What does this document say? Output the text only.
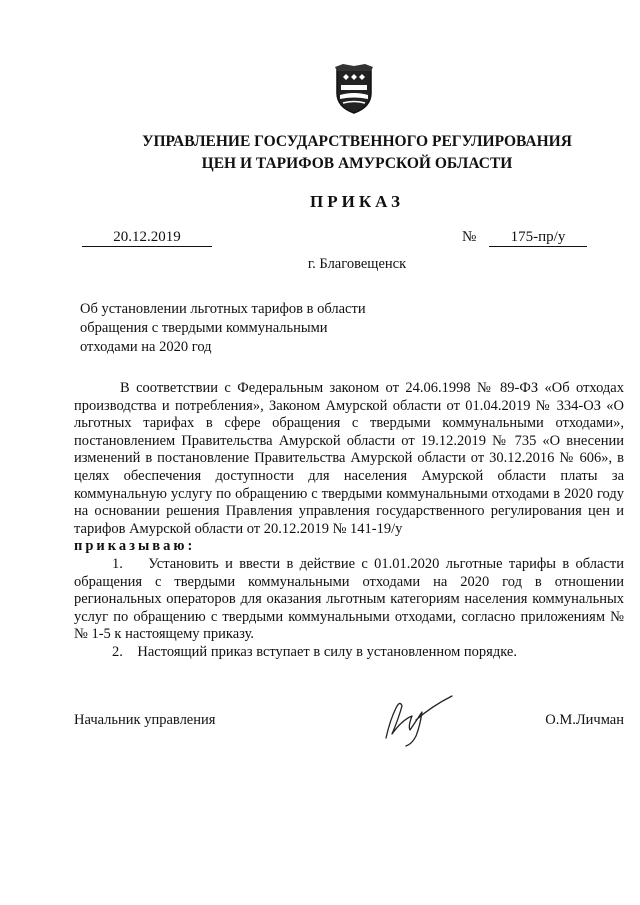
УПРАВЛЕНИЕ ГОСУДАРСТВЕННОГО РЕГУЛИРОВАНИЯ
ЦЕН И ТАРИФОВ АМУРСКОЙ ОБЛАСТИ
ПРИКАЗ
20.12.2019	№	175-пр/у
г. Благовещенск
Об установлении льготных тарифов в области
обращения с твердыми коммунальными
отходами на 2020 год

В соответствии с Федеральным законом от 24.06.1998 № 89-ФЗ «Об отходах производства и потребления», Законом Амурской области от 01.04.2019 № 334-ОЗ «О льготных тарифах в сфере обращения с твердыми коммунальными отходами», постановлением Правительства Амурской области от 19.12.2019 № 735 «О внесении изменений в постановление Правительства Амурской области от 30.12.2016 № 606», в целях обеспечения доступности для населения Амурской области платы за коммунальную услугу по обращению с твердыми коммунальными отходами в 2020 году на основании решения Правления управления государственного регулирования цен и тарифов Амурской области от 20.12.2019 № 141-19/у

приказываю:

1. Установить и ввести в действие с 01.01.2020 льготные тарифы в области обращения с твердыми коммунальными отходами на 2020 год в отношении региональных операторов для оказания льготным категориям населения коммунальных услуг по обращению с твердыми коммунальными отходами, согласно приложениям №№ 1-5 к настоящему приказу.

2. Настоящий приказ вступает в силу в установленном порядке.

Начальник управления	О.М.Личман
